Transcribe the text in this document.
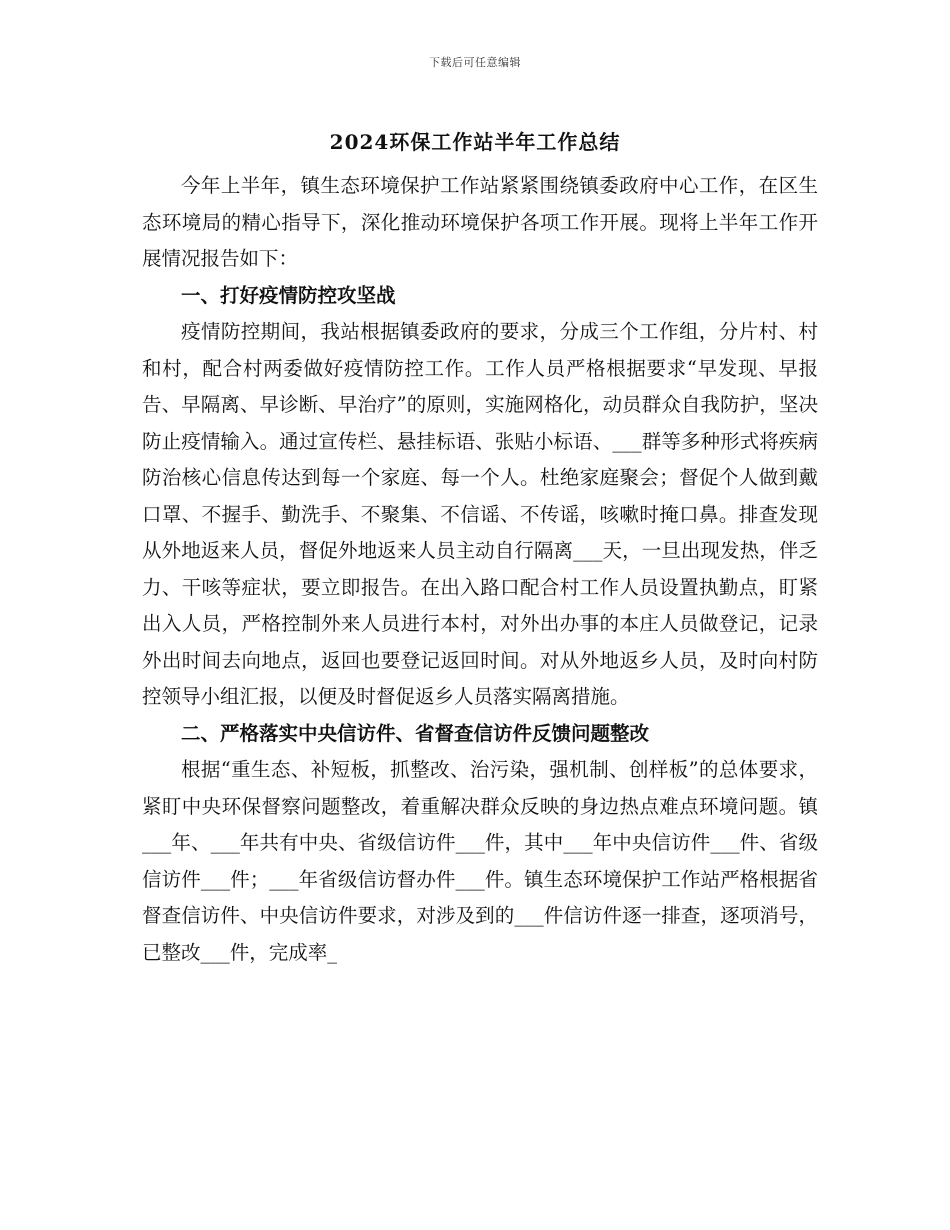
下载后可任意编辑
2024环保工作站半年工作总结

今年上半年，镇生态环境保护工作站紧紧围绕镇委政府中心工作，在区生态环境局的精心指导下，深化推动环境保护各项工作开展。现将上半年工作开展情况报告如下：

一、打好疫情防控攻坚战

疫情防控期间，我站根据镇委政府的要求，分成三个工作组，分片村、村和村，配合村两委做好疫情防控工作。工作人员严格根据要求“早发现、早报告、早隔离、早诊断、早治疗”的原则，实施网格化，动员群众自我防护，坚决防止疫情输入。通过宣传栏、悬挂标语、张贴小标语、___群等多种形式将疾病防治核心信息传达到每一个家庭、每一个人。杜绝家庭聚会；督促个人做到戴口罩、不握手、勤洗手、不聚集、不信谣、不传谣，咳嗽时掩口鼻。排查发现从外地返来人员，督促外地返来人员主动自行隔离___天，一旦出现发热，伴乏力、干咳等症状，要立即报告。在出入路口配合村工作人员设置执勤点，盯紧出入人员，严格控制外来人员进行本村，对外出办事的本庄人员做登记，记录外出时间去向地点，返回也要登记返回时间。对从外地返乡人员，及时向村防控领导小组汇报，以便及时督促返乡人员落实隔离措施。

二、严格落实中央信访件、省督查信访件反馈问题整改

根据“重生态、补短板，抓整改、治污染，强机制、创样板”的总体要求，紧盯中央环保督察问题整改，着重解决群众反映的身边热点难点环境问题。镇___年、___年共有中央、省级信访件___件，其中___年中央信访件___件、省级信访件___件；___年省级信访督办件___件。镇生态环境保护工作站严格根据省督查信访件、中央信访件要求，对涉及到的___件信访件逐一排查，逐项消号，已整改___件，完成率_
